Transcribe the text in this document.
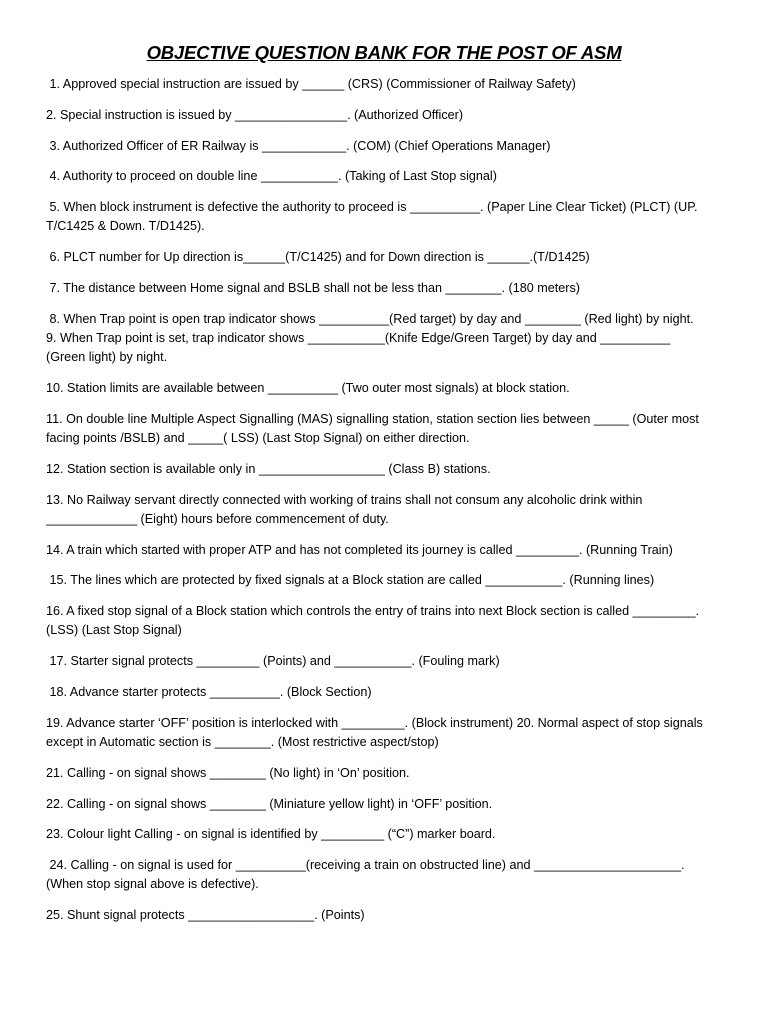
OBJECTIVE QUESTION BANK FOR THE POST OF ASM

1. Approved special instruction are issued by ______ (CRS) (Commissioner of Railway Safety)

2. Special instruction is issued by ________________. (Authorized Officer)

3. Authorized Officer of ER Railway is ____________. (COM) (Chief Operations Manager)

4. Authority to proceed on double line ___________. (Taking of Last Stop signal)

5. When block instrument is defective the authority to proceed is __________. (Paper Line Clear Ticket) (PLCT) (UP. T/C1425 & Down. T/D1425).

6. PLCT number for Up direction is______(T/C1425) and for Down direction is ______.(T/D1425)

7. The distance between Home signal and BSLB shall not be less than ________. (180 meters)

8. When Trap point is open trap indicator shows __________(Red target) by day and ________ (Red light) by night.

9. When Trap point is set, trap indicator shows ___________(Knife Edge/Green Target) by day and __________ (Green light) by night.

10. Station limits are available between __________ (Two outer most signals) at block station.

11. On double line Multiple Aspect Signalling (MAS) signalling station, station section lies between _____ (Outer most facing points /BSLB) and _____( LSS) (Last Stop Signal) on either direction.

12. Station section is available only in __________________ (Class B) stations.

13. No Railway servant directly connected with working of trains shall not consum any alcoholic drink within _____________ (Eight) hours before commencement of duty.

14. A train which started with proper ATP and has not completed its journey is called _________. (Running Train)

15. The lines which are protected by fixed signals at a Block station are called ___________. (Running lines)

16. A fixed stop signal of a Block station which controls the entry of trains into next Block section is called _________.(LSS) (Last Stop Signal)

17. Starter signal protects _________ (Points) and ___________. (Fouling mark)

18. Advance starter protects __________. (Block Section)

19. Advance starter ‘OFF’ position is interlocked with _________. (Block instrument) 20. Normal aspect of stop signals except in Automatic section is ________. (Most restrictive aspect/stop)

21. Calling - on signal shows ________ (No light) in ‘On’ position.

22. Calling - on signal shows ________ (Miniature yellow light) in ‘OFF’ position.

23. Colour light Calling - on signal is identified by _________ (“C”) marker board.

24. Calling - on signal is used for __________(receiving a train on obstructed line) and _____________________. (When stop signal above is defective).

25. Shunt signal protects __________________. (Points)
